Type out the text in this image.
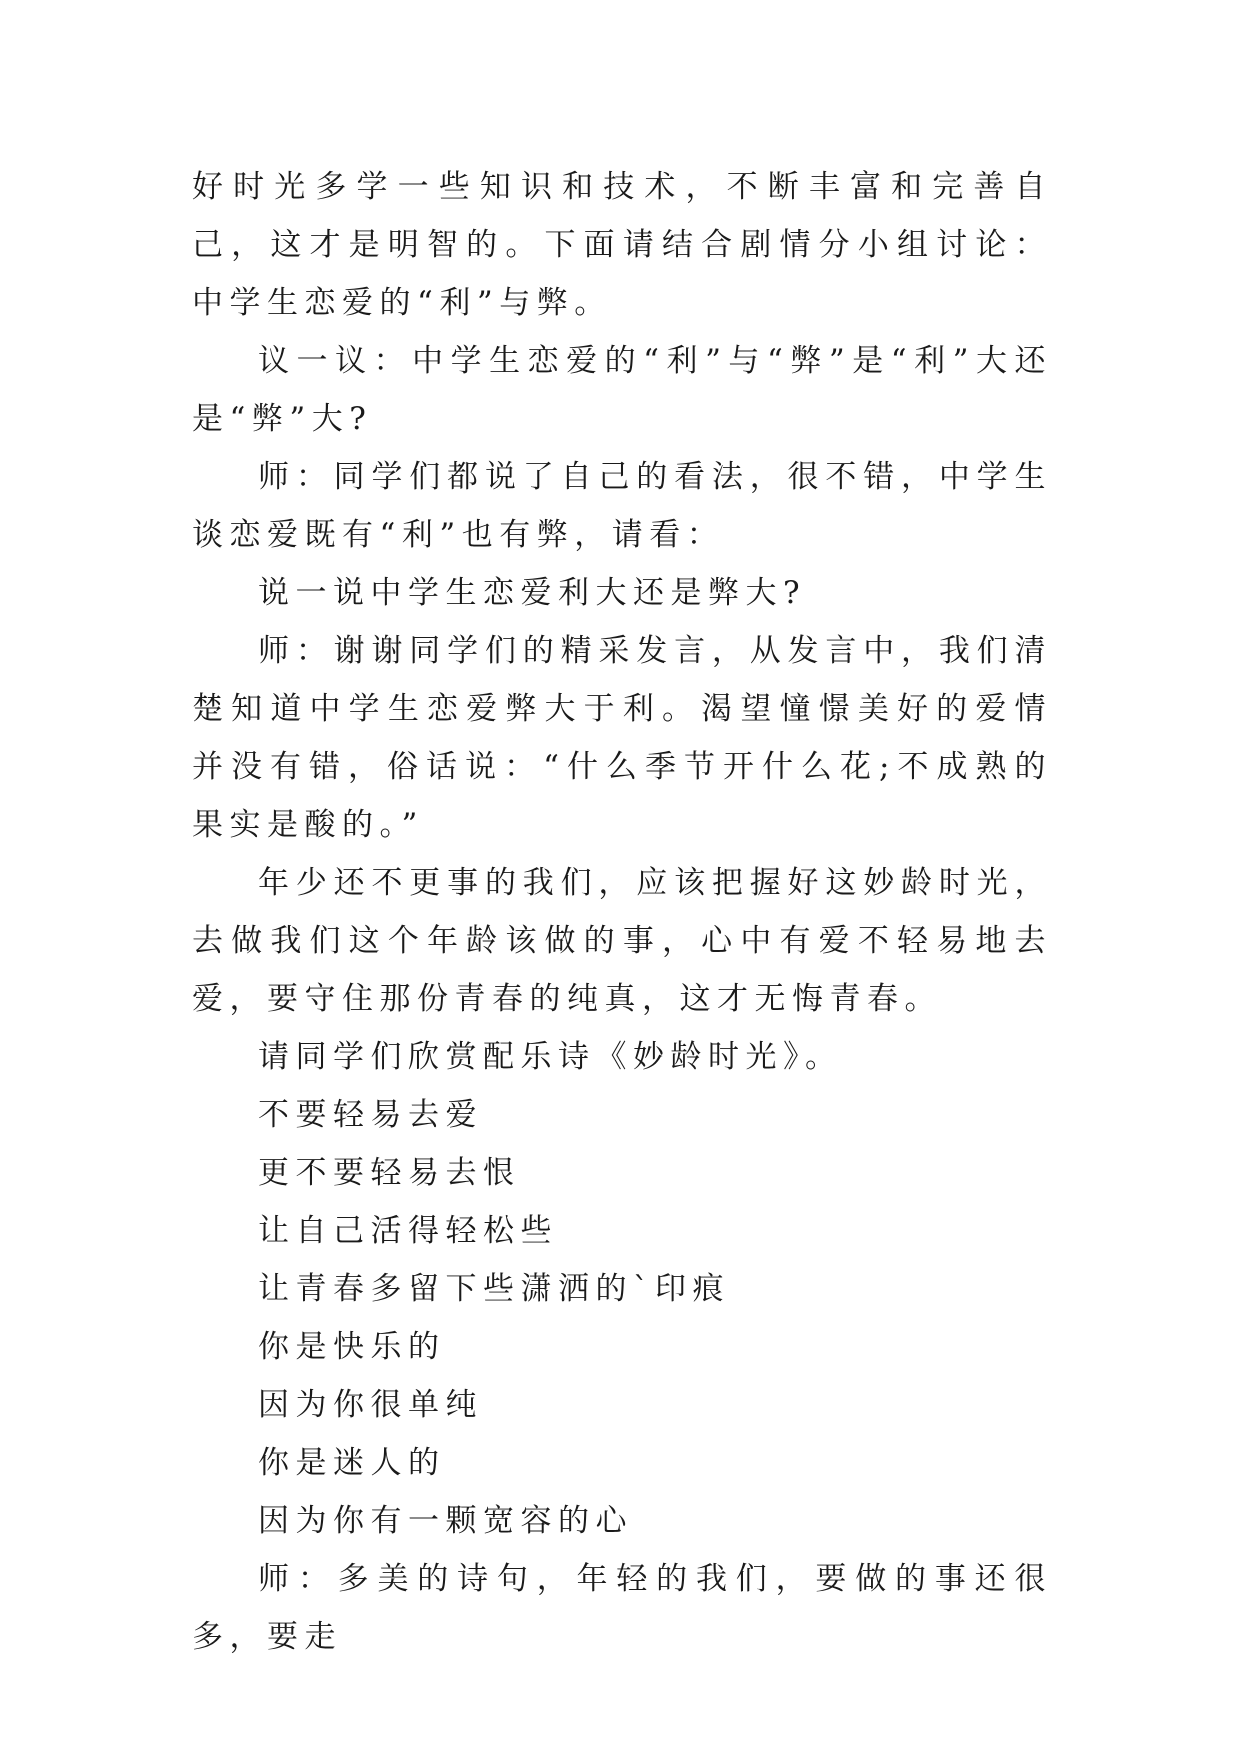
好时光多学一些知识和技术，不断丰富和完善自己，这才是明智的。下面请结合剧情分小组讨论：中学生恋爱的“利”与弊。

议一议：中学生恋爱的“利”与“弊”是“利”大还是“弊”大?

师：同学们都说了自己的看法，很不错，中学生谈恋爱既有“利”也有弊，请看：

说一说中学生恋爱利大还是弊大?

师：谢谢同学们的精采发言，从发言中，我们清楚知道中学生恋爱弊大于利。渴望憧憬美好的爱情并没有错，俗话说：“什么季节开什么花;不成熟的果实是酸的。”

年少还不更事的我们，应该把握好这妙龄时光，去做我们这个年龄该做的事，心中有爱不轻易地去爱，要守住那份青春的纯真，这才无悔青春。

请同学们欣赏配乐诗《妙龄时光》。

不要轻易去爱

更不要轻易去恨

让自己活得轻松些

让青春多留下些潇洒的`印痕

你是快乐的

因为你很单纯

你是迷人的

因为你有一颗宽容的心

师：多美的诗句，年轻的我们，要做的事还很多，要走
